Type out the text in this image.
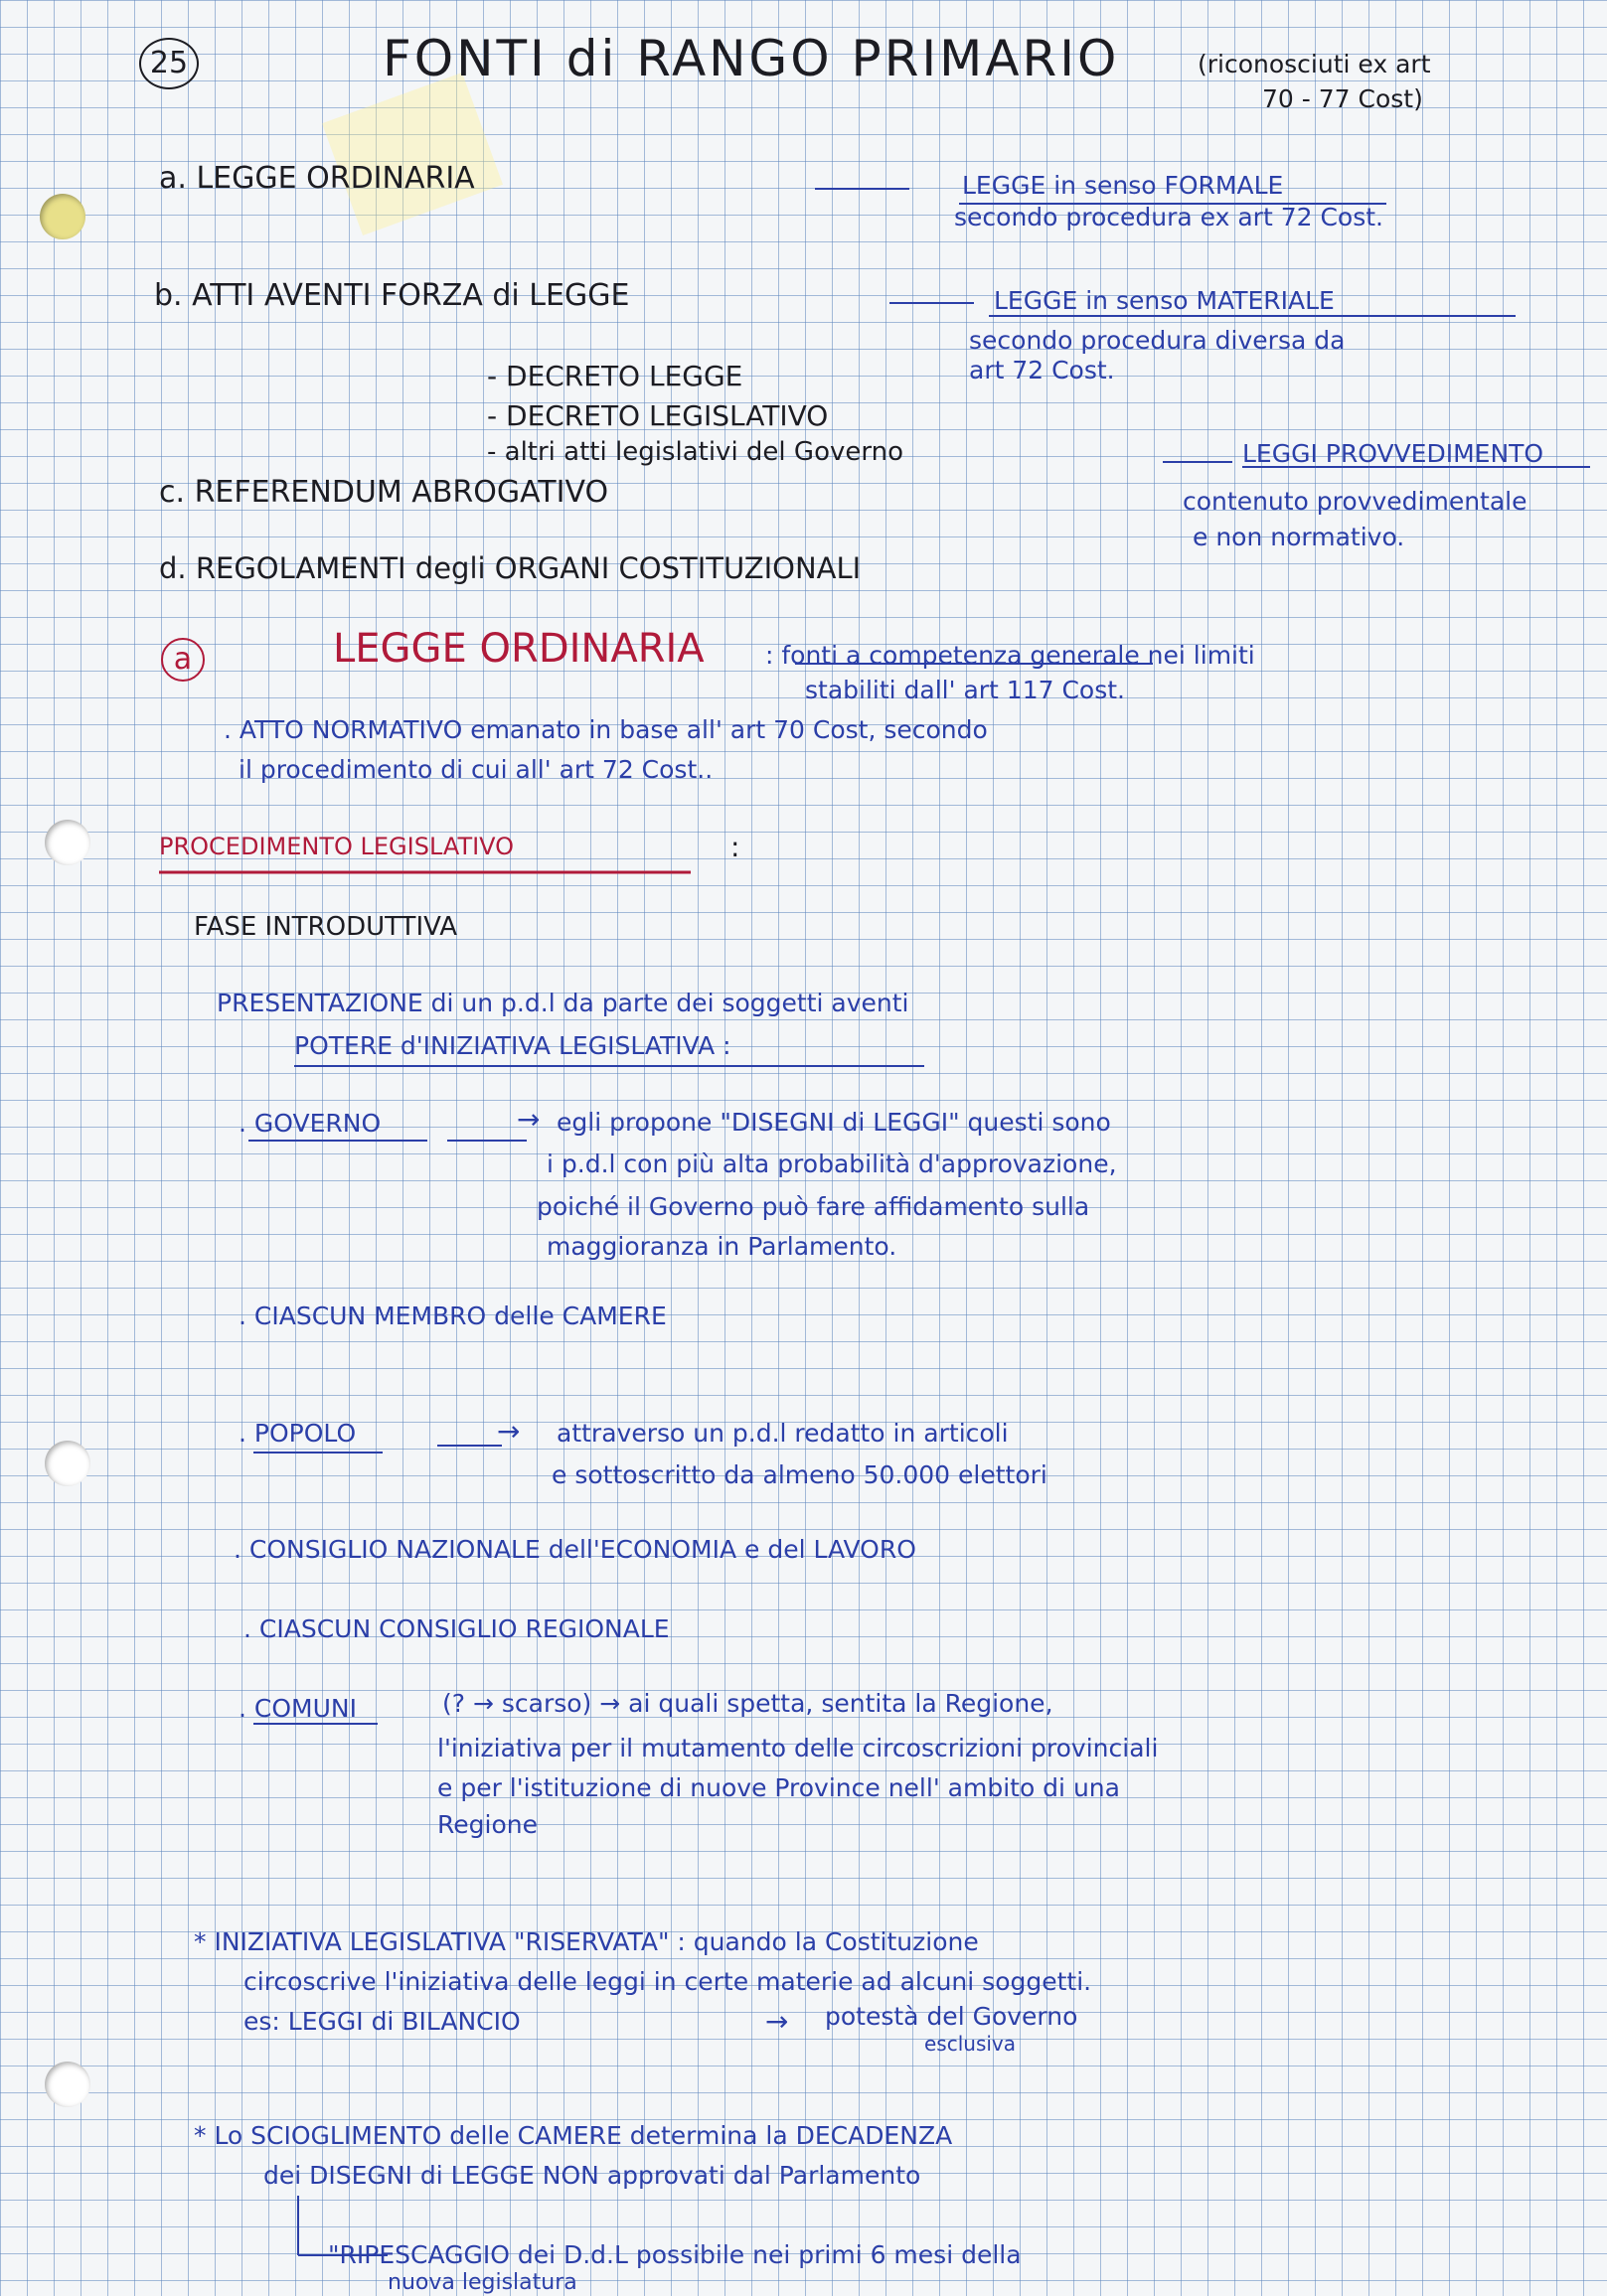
25	FONTI di RANGO PRIMARIO	(riconosciuti ex art
70 - 77 Cost)
a. LEGGE ORDINARIA	LEGGE in senso FORMALE
secondo procedura ex art 72 Cost.
b. ATTI AVENTI FORZA di LEGGE	LEGGE in senso MATERIALE
secondo procedura diversa da
art 72 Cost.
- DECRETO LEGGE
- DECRETO LEGISLATIVO
- altri atti legislativi del Governo	LEGGI PROVVEDIMENTO
contenuto provvedimentale
e non normativo.
c. REFERENDUM ABROGATIVO
d. REGOLAMENTI degli ORGANI COSTITUZIONALI
a	LEGGE ORDINARIA : fonti a competenza generale nei limiti
stabiliti dall' art 117 Cost.
. ATTO NORMATIVO emanato in base all' art 70 Cost, secondo
il procedimento di cui all' art 72 Cost..
PROCEDIMENTO LEGISLATIVO	:
FASE INTRODUTTIVA
PRESENTAZIONE di un p.d.l da parte dei soggetti aventi
POTERE d'INIZIATIVA LEGISLATIVA :
. GOVERNO	→ egli propone "DISEGNI di LEGGI" questi sono
i p.d.l con più alta probabilità d'approvazione,
poiché il Governo può fare affidamento sulla
maggioranza in Parlamento.
. CIASCUN MEMBRO delle CAMERE
. POPOLO	→ attraverso un p.d.l redatto in articoli
e sottoscritto da almeno 50.000 elettori
. CONSIGLIO NAZIONALE dell'ECONOMIA e del LAVORO
. CIASCUN CONSIGLIO REGIONALE
. COMUNI	(? → scarso) → ai quali spetta, sentita la Regione,
l'iniziativa per il mutamento delle circoscrizioni provinciali
e per l'istituzione di nuove Province nell' ambito di una
Regione
* INIZIATIVA LEGISLATIVA "RISERVATA" : quando la Costituzione
circoscrive l'iniziativa delle leggi in certe materie ad alcuni soggetti.
es: LEGGI di BILANCIO	→ potestà del Governo
esclusiva
* Lo SCIOGLIMENTO delle CAMERE determina la DECADENZA
dei DISEGNI di LEGGE NON approvati dal Parlamento
"RIPESCAGGIO dei D.d.L possibile nei primi 6 mesi della
nuova legislatura
